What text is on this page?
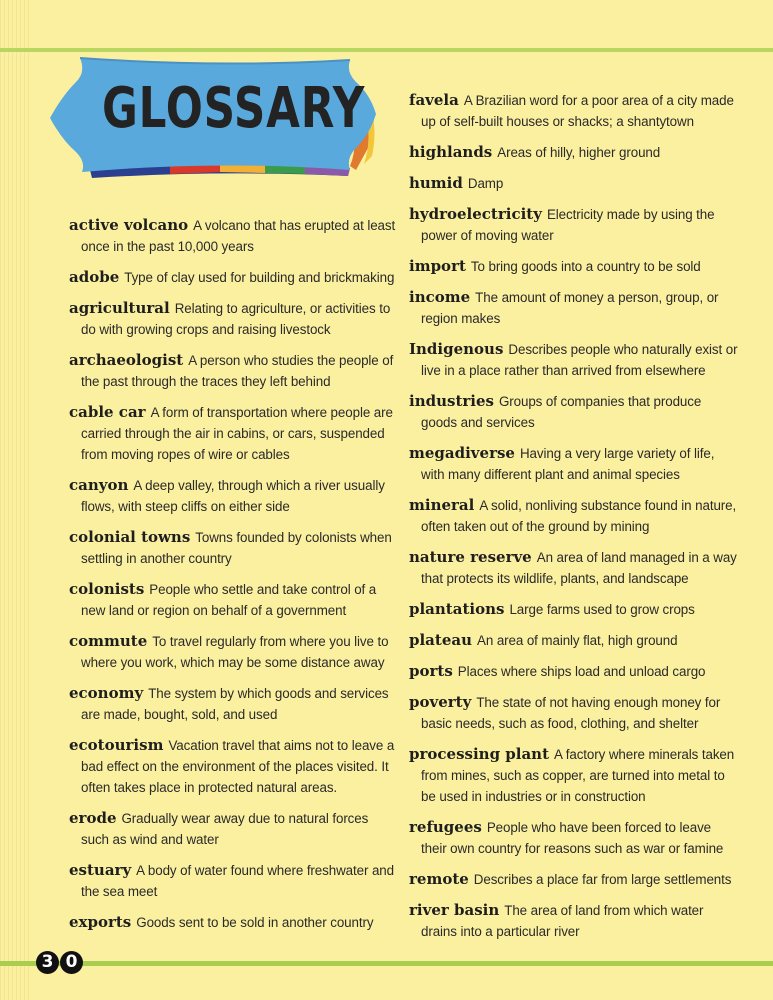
GLOSSARY
active volcano A volcano that has erupted at least once in the past 10,000 years
adobe Type of clay used for building and brickmaking
agricultural Relating to agriculture, or activities to do with growing crops and raising livestock
archaeologist A person who studies the people of the past through the traces they left behind
cable car A form of transportation where people are carried through the air in cabins, or cars, suspended from moving ropes of wire or cables
canyon A deep valley, through which a river usually flows, with steep cliffs on either side
colonial towns Towns founded by colonists when settling in another country
colonists People who settle and take control of a new land or region on behalf of a government
commute To travel regularly from where you live to where you work, which may be some distance away
economy The system by which goods and services are made, bought, sold, and used
ecotourism Vacation travel that aims not to leave a bad effect on the environment of the places visited. It often takes place in protected natural areas.
erode Gradually wear away due to natural forces such as wind and water
estuary A body of water found where freshwater and the sea meet
exports Goods sent to be sold in another country
favela A Brazilian word for a poor area of a city made up of self-built houses or shacks; a shantytown
highlands Areas of hilly, higher ground
humid Damp
hydroelectricity Electricity made by using the power of moving water
import To bring goods into a country to be sold
income The amount of money a person, group, or region makes
Indigenous Describes people who naturally exist or live in a place rather than arrived from elsewhere
industries Groups of companies that produce goods and services
megadiverse Having a very large variety of life, with many different plant and animal species
mineral A solid, nonliving substance found in nature, often taken out of the ground by mining
nature reserve An area of land managed in a way that protects its wildlife, plants, and landscape
plantations Large farms used to grow crops
plateau An area of mainly flat, high ground
ports Places where ships load and unload cargo
poverty The state of not having enough money for basic needs, such as food, clothing, and shelter
processing plant A factory where minerals taken from mines, such as copper, are turned into metal to be used in industries or in construction
refugees People who have been forced to leave their own country for reasons such as war or famine
remote Describes a place far from large settlements
river basin The area of land from which water drains into a particular river
3 0
